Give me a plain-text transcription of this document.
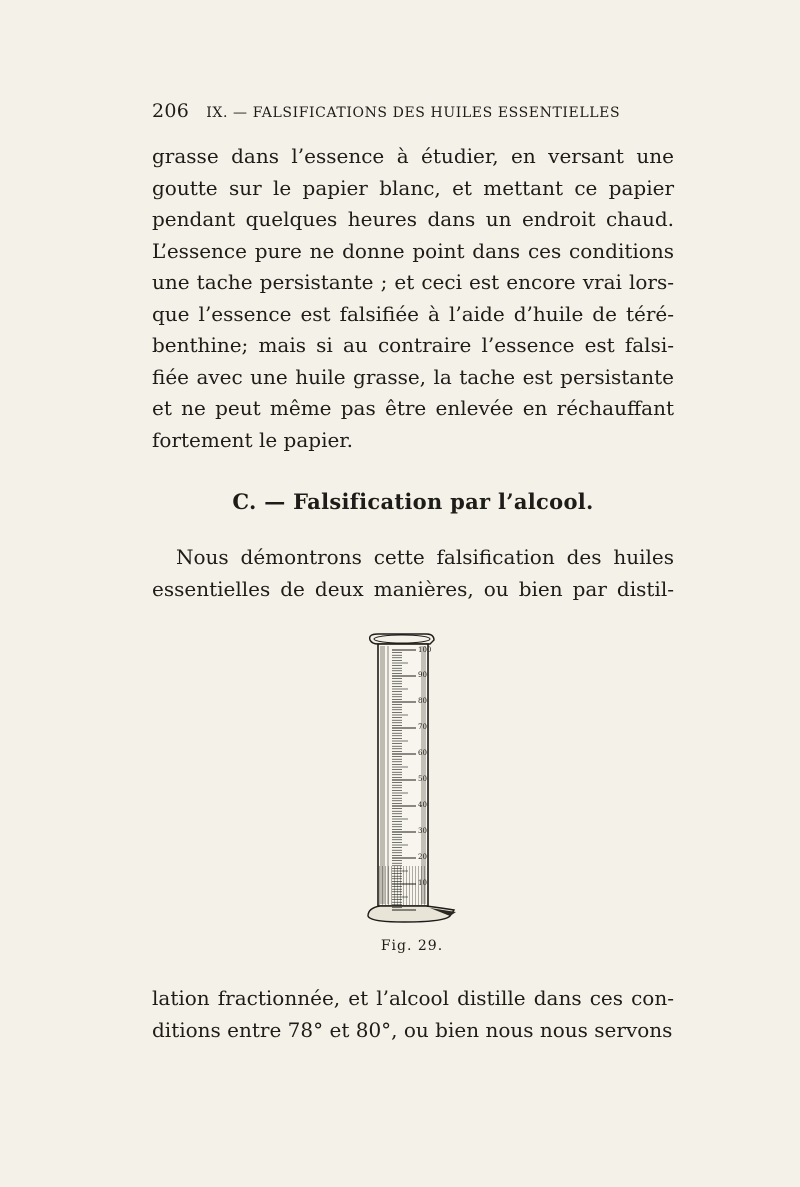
206 IX. — FALSIFICATIONS DES HUILES ESSENTIELLES
grasse dans l’essence à étudier, en versant une
goutte sur le papier blanc, et mettant ce papier
pendant quelques heures dans un endroit chaud.
L’essence pure ne donne point dans ces conditions
une tache persistante ; et ceci est encore vrai lors-
que l’essence est falsifiée à l’aide d’huile de téré-
benthine; mais si au contraire l’essence est falsi-
fiée avec une huile grasse, la tache est persistante
et ne peut même pas être enlevée en réchauffant
fortement le papier.
C. — Falsification par l’alcool.
Nous démontrons cette falsification des huiles
essentielles de deux manières, ou bien par distil-
100
90
80
70
60
50
40
30
20
10
Fig. 29.
lation fractionnée, et l’alcool distille dans ces con-
ditions entre 78° et 80°, ou bien nous nous servons
